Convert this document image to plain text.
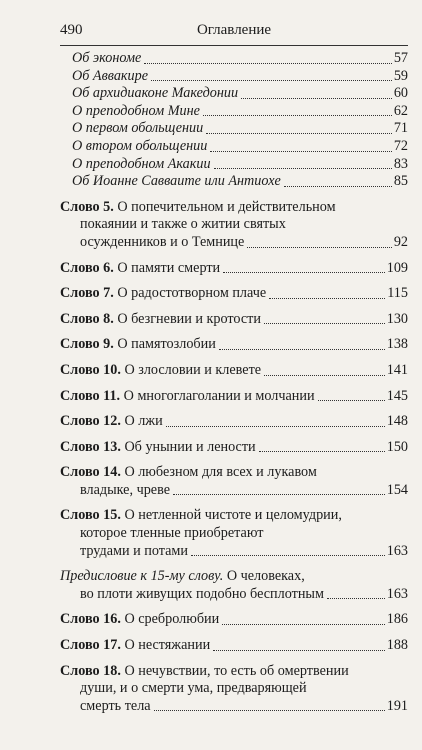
490	Оглавление
Об экономе	57
Об Аввакире	59
Об архидиаконе Македонии	60
О преподобном Мине	62
О первом обольщении	71
О втором обольщении	72
О преподобном Акакии	83
Об Иоанне Савваите или Антиохе	85
Слово 5. О попечительном и действительном
покаянии и также о житии святых
осужденников и о Темнице	92
Слово 6. О памяти смерти	109
Слово 7. О радостотворном плаче	115
Слово 8. О безгневии и кротости	130
Слово 9. О памятозлобии	138
Слово 10. О злословии и клевете	141
Слово 11. О многоглаголании и молчании	145
Слово 12. О лжи	148
Слово 13. Об унынии и лености	150
Слово 14. О любезном для всех и лукавом
владыке, чреве	154
Слово 15. О нетленной чистоте и целомудрии,
которое тленные приобретают
трудами и потами	163
Предисловие к 15-му слову. О человеках,
во плоти живущих подобно бесплотным	163
Слово 16. О сребролюбии	186
Слово 17. О нестяжании	188
Слово 18. О нечувствии, то есть об омертвении
души, и о смерти ума, предваряющей
смерть тела	191
